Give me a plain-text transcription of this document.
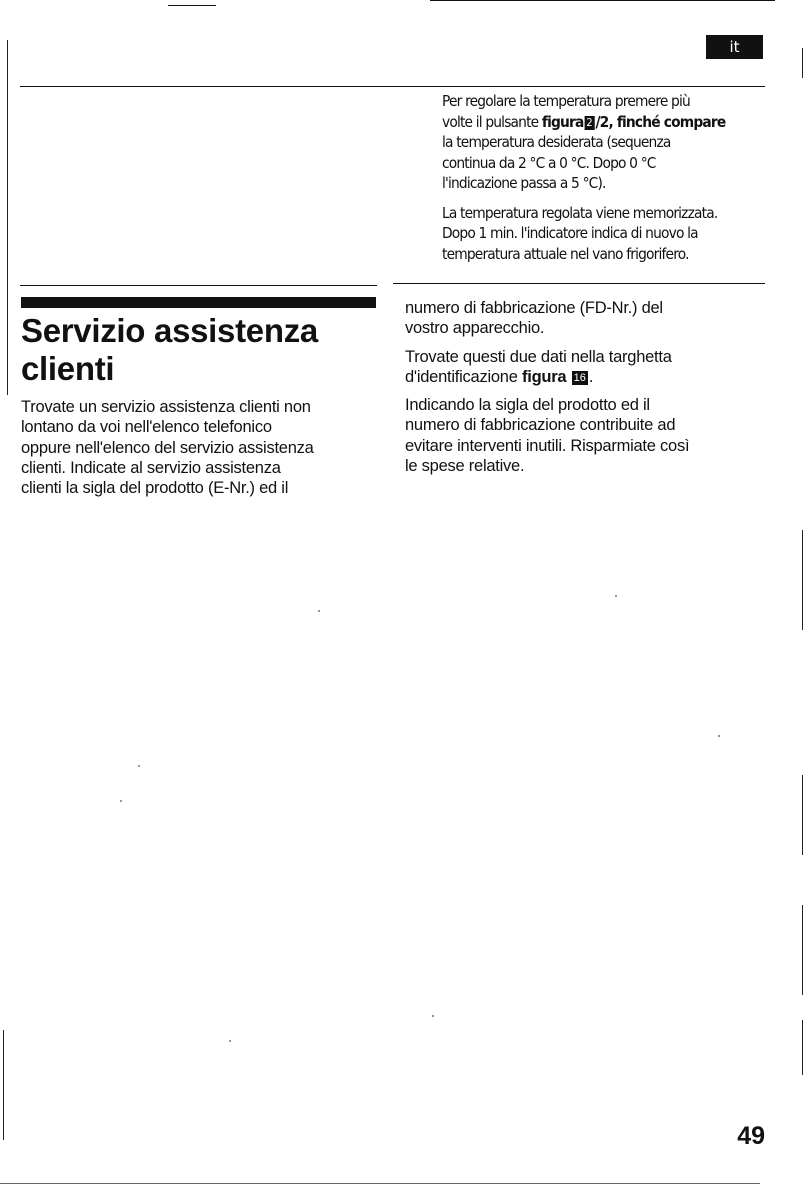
it

Per regolare la temperatura premere più

volte il pulsante figura 2 /2, finché compare

la temperatura desiderata (sequenza

continua da 2 °C a 0 °C. Dopo 0 °C

l'indicazione passa a 5 °C).

La temperatura regolata viene memorizzata.

Dopo 1 min. l'indicatore indica di nuovo la

temperatura attuale nel vano frigorifero.

Servizio assistenza
clienti

Trovate un servizio assistenza clienti non

lontano da voi nell'elenco telefonico

oppure nell'elenco del servizio assistenza

clienti. Indicate al servizio assistenza

clienti la sigla del prodotto (E-Nr.) ed il

numero di fabbricazione (FD-Nr.) del

vostro apparecchio.

Trovate questi due dati nella targhetta

d'identificazione figura 16 .

Indicando la sigla del prodotto ed il

numero di fabbricazione contribuite ad

evitare interventi inutili. Risparmiate così

le spese relative.

49
